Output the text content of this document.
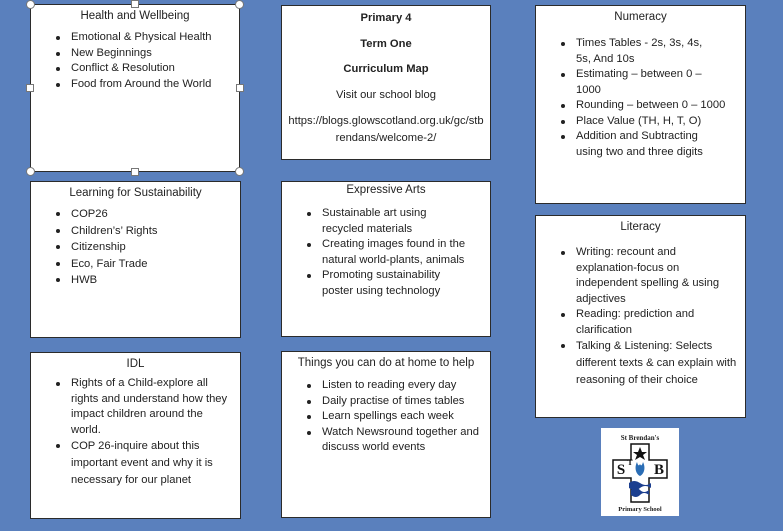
Health and Wellbeing
Emotional & Physical Health
New Beginnings
Conflict & Resolution
Food from Around the World
Learning for Sustainability
COP26
Children’s’ Rights
Citizenship
Eco, Fair Trade
HWB
IDL
Rights of a Child-explore all rights and understand how they impact children around the world.
COP 26-inquire about this important event and why it is necessary for our planet

Primary 4

Term One

Curriculum Map

Visit our school blog

https://blogs.glowscotland.org.uk/gc/stbrendans/welcome-2/

Expressive Arts
Sustainable art using recycled materials
Creating images found in the natural world-plants, animals
Promoting sustainability poster using technology
Things you can do at home to help
Listen to reading every day
Daily practise of times tables
Learn spellings each week
Watch Newsround together and discuss world events
Numeracy
Times Tables - 2s, 3s, 4s, 5s, And 10s
Estimating – between 0 – 1000
Rounding – between 0 – 1000
Place Value (TH, H, T, O)
Addition and Subtracting using two and three digits
Literacy
Writing: recount and explanation-focus on independent spelling & using adjectives
Reading: prediction and clarification
Talking & Listening: Selects different texts & can explain with reasoning of their choice
St Brendan's
S T B
Primary School
